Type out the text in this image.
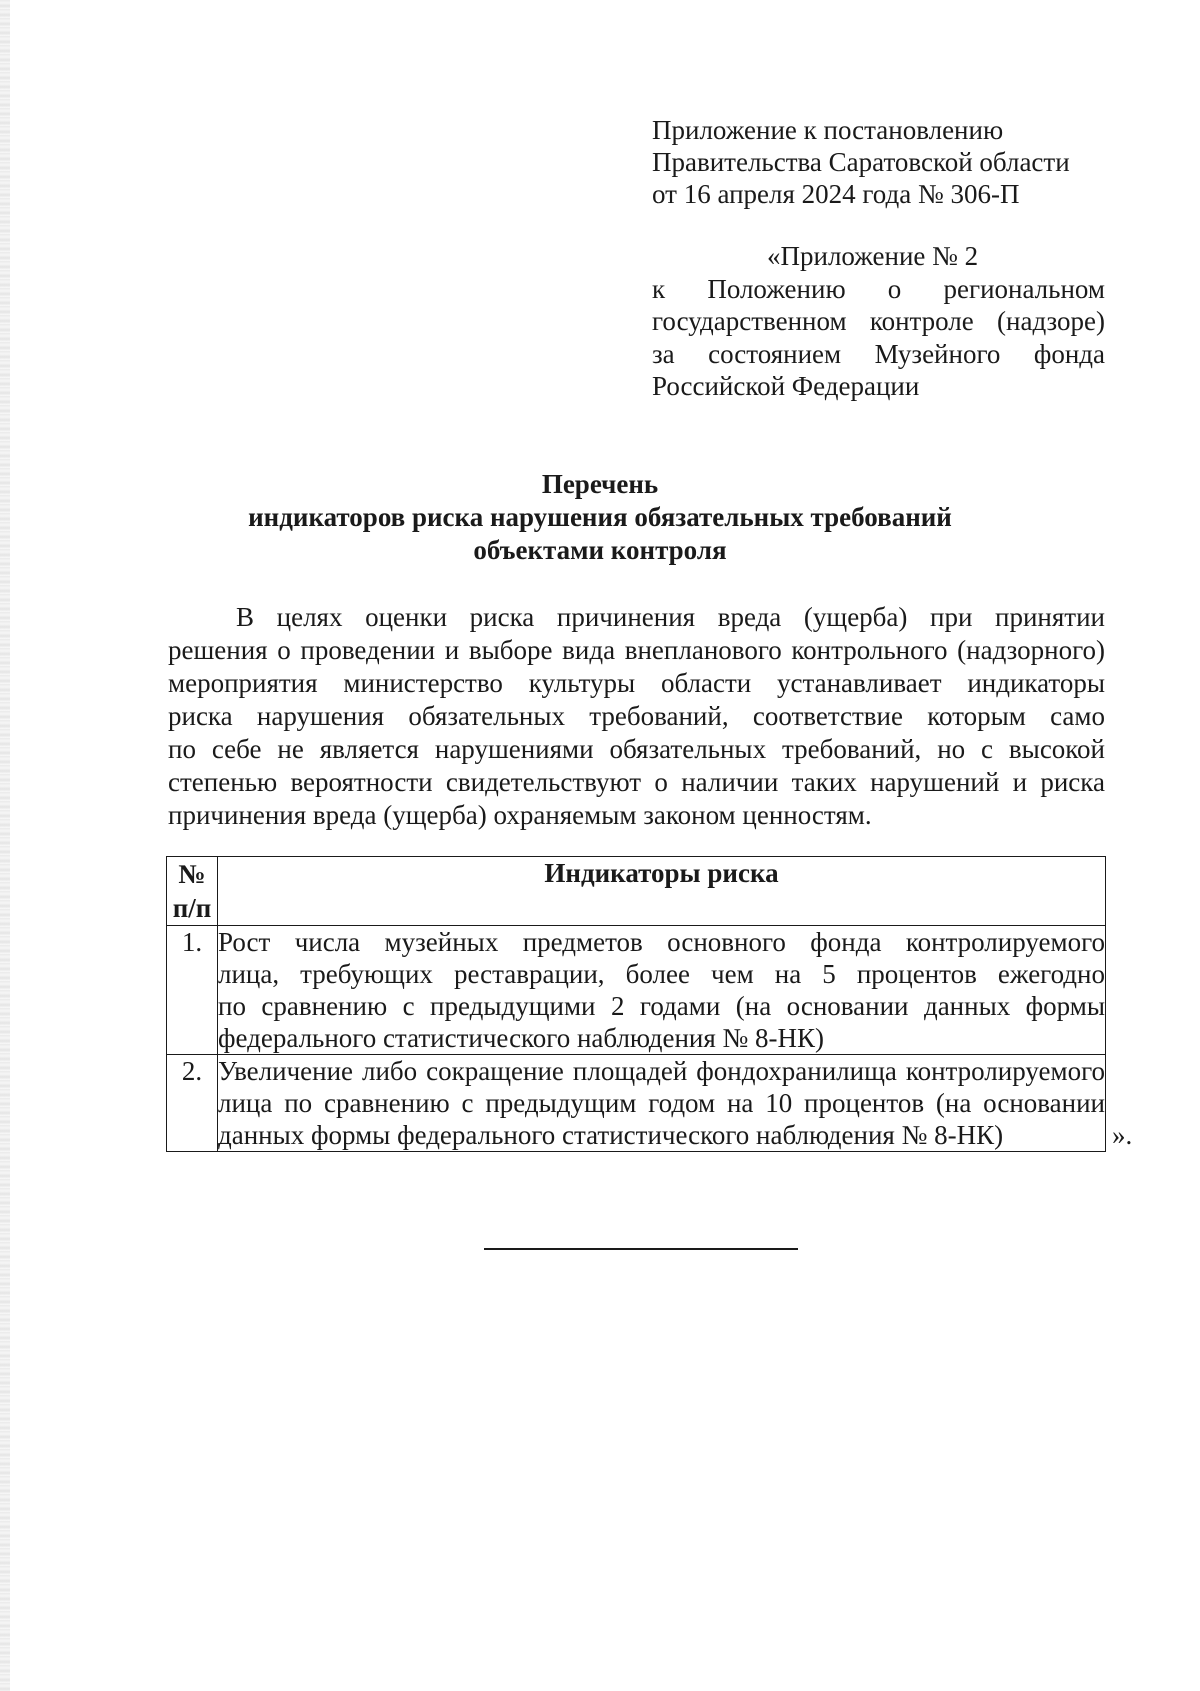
Приложение к постановлению
Правительства Саратовской области
от 16 апреля 2024 года № 306-П
«Приложение № 2
к Положению о региональном
государственном контроле (надзоре)
за состоянием Музейного фонда
Российской Федерации
Перечень
индикаторов риска нарушения обязательных требований
объектами контроля
В целях оценки риска причинения вреда (ущерба) при принятии
решения о проведении и выборе вида внепланового контрольного (надзорного)
мероприятия министерство культуры области устанавливает индикаторы
риска нарушения обязательных требований, соответствие которым само
по себе не является нарушениями обязательных требований, но с высокой
степенью вероятности свидетельствуют о наличии таких нарушений и риска
причинения вреда (ущерба) охраняемым законом ценностям.
№
п/п	Индикаторы риска
1.	Рост числа музейных предметов основного фонда контролируемого
лица, требующих реставрации, более чем на 5 процентов ежегодно
по сравнению с предыдущими 2 годами (на основании данных формы
федерального статистического наблюдения № 8-НК)

2.	Увеличение либо сокращение площадей фондохранилища контролируемого
лица по сравнению с предыдущим годом на 10 процентов (на основании
данных формы федерального статистического наблюдения № 8-НК)	».
